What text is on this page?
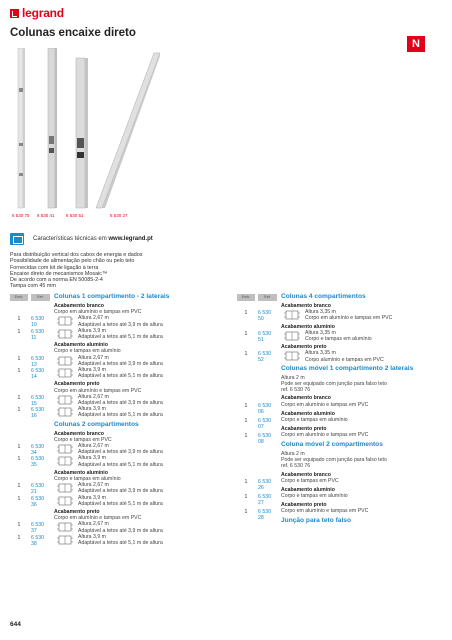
legrand
Colunas encaixe direto
N
6 530 75 6 530 41	6 530 51	6 530 27
Características técnicas em www.legrand.pt
Para distribuição vertical dos cabos de energia e dados
Possibilidade de alimentação pelo chão ou pelo teto
Fornecidas com kit de ligação à terra
Encaixe direto de mecanismos Mosaic™
De acordo com a norma EN 50085-2-4
Tampa com 45 mm
Emb.	Ref.	Colunas 1 compartimento - 2 laterais
Acabamento branco
Corpo em alumínio e tampas em PVC
1	6 530 10
Altura 2,67 m
Adaptável a tetos até 3,9 m de altura
1	6 530 11
Altura 3,9 m
Adaptável a tetos até 5,1 m de altura
Acabamento alumínio
Corpo e tampas em alumínio
1	6 530 13
Altura 2,67 m
Adaptável a tetos até 3,9 m de altura
1	6 530 14
Altura 3,9 m
Adaptável a tetos até 5,1 m de altura
Acabamento preto
Corpo em alumínio e tampas em PVC
1	6 530 15
Altura 2,67 m
Adaptável a tetos até 3,9 m de altura
1	6 530 16
Altura 3,9 m
Adaptável a tetos até 5,1 m de altura
Colunas 2 compartimentos
Acabamento branco
Corpo e tampas em PVC
1	6 530 34
Altura 2,67 m
Adaptável a tetos até 3,9 m de altura
1	6 530 35
Altura 3,9 m
Adaptável a tetos até 5,1 m de altura
Acabamento alumínio
Corpo e tampas em alumínio
1	6 530 21
Altura 2,67 m
Adaptável a tetos até 3,9 m de altura
1	6 530 36
Altura 3,9 m
Adaptável a tetos até 5,1 m de altura
Acabamento preto
Corpo em alumínio e tampas em PVC
1	6 530 37
Altura 2,67 m
Adaptável a tetos até 3,9 m de altura
1	6 530 38
Altura 3,9 m
Adaptável a tetos até 5,1 m de altura
Emb.	Ref.	Colunas 4 compartimentos
Acabamento branco
1	6 530 50
Altura 3,35 m
Corpo em alumínio e tampas em PVC
Acabamento alumínio
1	6 530 51
Altura 3,35 m
Corpo e tampas em alumínio
Acabamento preto
1	6 530 52
Altura 3,35 m
Corpo alumínio e tampas em PVC
Colunas móvel 1 compartimento 2 laterais
Altura 2 m
Pode ser equipado com junção para falso teto
ref. 6 530 76
Acabamento branco
1	6 530 06
Corpo em alumínio e tampas em PVC
Acabamento alumínio
1	6 530 07
Corpo e tampas em alumínio
Acabamento preto
1	6 530 08
Corpo em alumínio e tampas em PVC
Coluna móvel 2 compartimentos
Altura 2 m
Pode ser equipado com junção para falso teto
ref. 6 530 76
Acabamento branco
1	6 530 26
Corpo e tampas em PVC
Acabamento alumínio
1	6 530 27
Corpo e tampas em alumínio
Acabamento preto
1	6 530 28
Corpo em alumínio e tampas em PVC
Junção para teto falso
644
